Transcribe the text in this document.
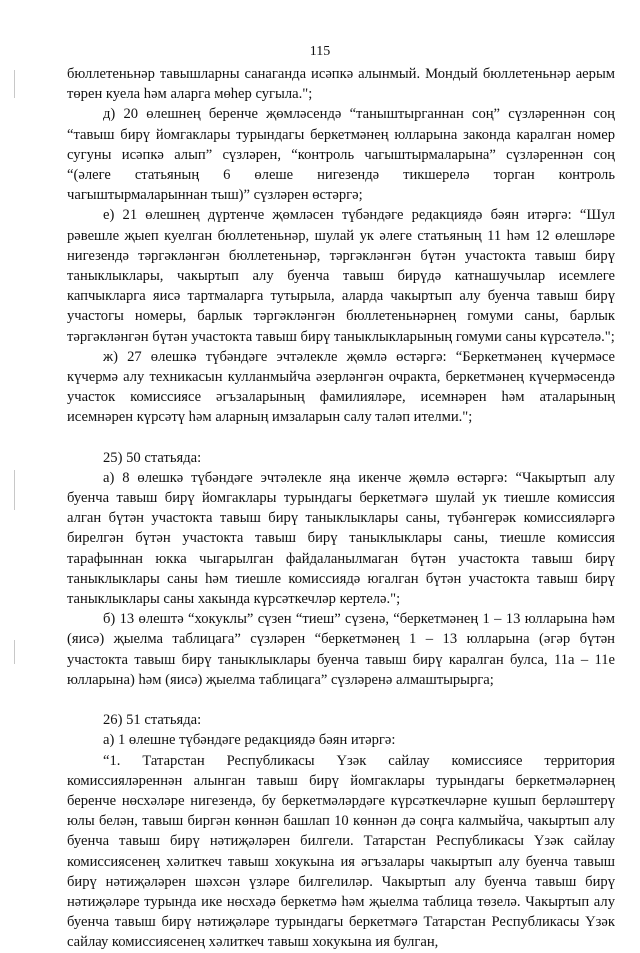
115

бюллетеньнәр тавышларны санаганда исәпкә алынмый. Мондый бюллетеньнәр аерым төрен куела һәм аларга мөһер сугыла.";

д) 20 өлешнең беренче җөмләсендә “таныштырганнан соң” сүзләреннән соң “тавыш бирү йомгаклары турындагы беркетмәнең юлларына законда каралган номер сугуны исәпкә алып” сүзләрен, “контроль чагыштырмаларына” сүзләреннән соң “(әлеге статьяның 6 өлеше нигезендә тикшерелә торган контроль чагыштырмаларыннан тыш)” сүзләрен өстәргә;

е) 21 өлешнең дүртенче җөмләсен түбәндәге редакциядә бәян итәргә: “Шул рәвешле җыеп куелган бюллетеньнәр, шулай ук әлеге статьяның 11 һәм 12 өлешләре нигезендә тәргәкләнгән бюллетеньнәр, тәргәкләнгән бүтән участокта тавыш бирү таныклыклары, чакыртып алу буенча тавыш бирүдә катнашучылар исемлеге капчыкларга яисә тартмаларга тутырыла, аларда чакыртып алу буенча тавыш бирү участогы номеры, барлык тәргәкләнгән бюллетеньнәрнең гомуми саны, барлык тәргәкләнгән бүтән участокта тавыш бирү таныклыкларының гомуми саны күрсәтелә.";

ж) 27 өлешкә түбәндәге эчтәлекле җөмлә өстәргә: “Беркетмәнең күчермәсе күчермә алу техникасын кулланмыйча әзерләнгән очракта, беркетмәнең күчермәсендә участок комиссиясе әгъзаларының фамилияләре, исемнәрен һәм аталарының исемнәрен күрсәтү һәм аларның имзаларын салу таләп ителми.";

25) 50 статьяда:

а) 8 өлешкә түбәндәге эчтәлекле яңа икенче җөмлә өстәргә: “Чакыртып алу буенча тавыш бирү йомгаклары турындагы беркетмәгә шулай ук тиешле комиссия алган бүтән участокта тавыш бирү таныклыклары саны, түбәнгерәк комиссияләргә бирелгән бүтән участокта тавыш бирү таныклыклары саны, тиешле комиссия тарафыннан юкка чыгарылган файдаланылмаган бүтән участокта тавыш бирү таныклыклары саны һәм тиешле комиссиядә югалган бүтән участокта тавыш бирү таныклыклары саны хакында күрсәткечләр кертелә.";

б) 13 өлештә “хокуклы” сүзен “тиеш” сүзенә, “беркетмәнең 1 – 13 юлларына һәм (яисә) җыелма таблицага” сүзләрен “беркетмәнең 1 – 13 юлларына (әгәр бүтән участокта тавыш бирү таныклыклары буенча тавыш бирү каралган булса, 11а – 11е юлларына) һәм (яисә) җыелма таблицага” сүзләренә алмаштырырга;

26) 51 статьяда:

а) 1 өлешне түбәндәге редакциядә бәян итәргә:

“1. Татарстан Республикасы Үзәк сайлау комиссиясе территория комиссияләреннән алынган тавыш бирү йомгаклары турындагы беркетмәләрнең беренче нөсхәләре нигезендә, бу беркетмәләрдәге күрсәткечләрне кушып берләштерү юлы белән, тавыш биргән көннән башлап 10 көннән дә соңга калмыйча, чакыртып алу буенча тавыш бирү нәтиҗәләрен билгели. Татарстан Республикасы Үзәк сайлау комиссиясенең хәлиткеч тавыш хокукына ия әгъзалары чакыртып алу буенча тавыш бирү нәтиҗәләрен шәхсән үзләре билгелиләр. Чакыртып алу буенча тавыш бирү нәтиҗәләре турында ике нөсхәдә беркетмә һәм җыелма таблица төзелә. Чакыртып алу буенча тавыш бирү нәтиҗәләре турындагы беркетмәгә Татарстан Республикасы Үзәк сайлау комиссиясенең хәлиткеч тавыш хокукына ия булган,
